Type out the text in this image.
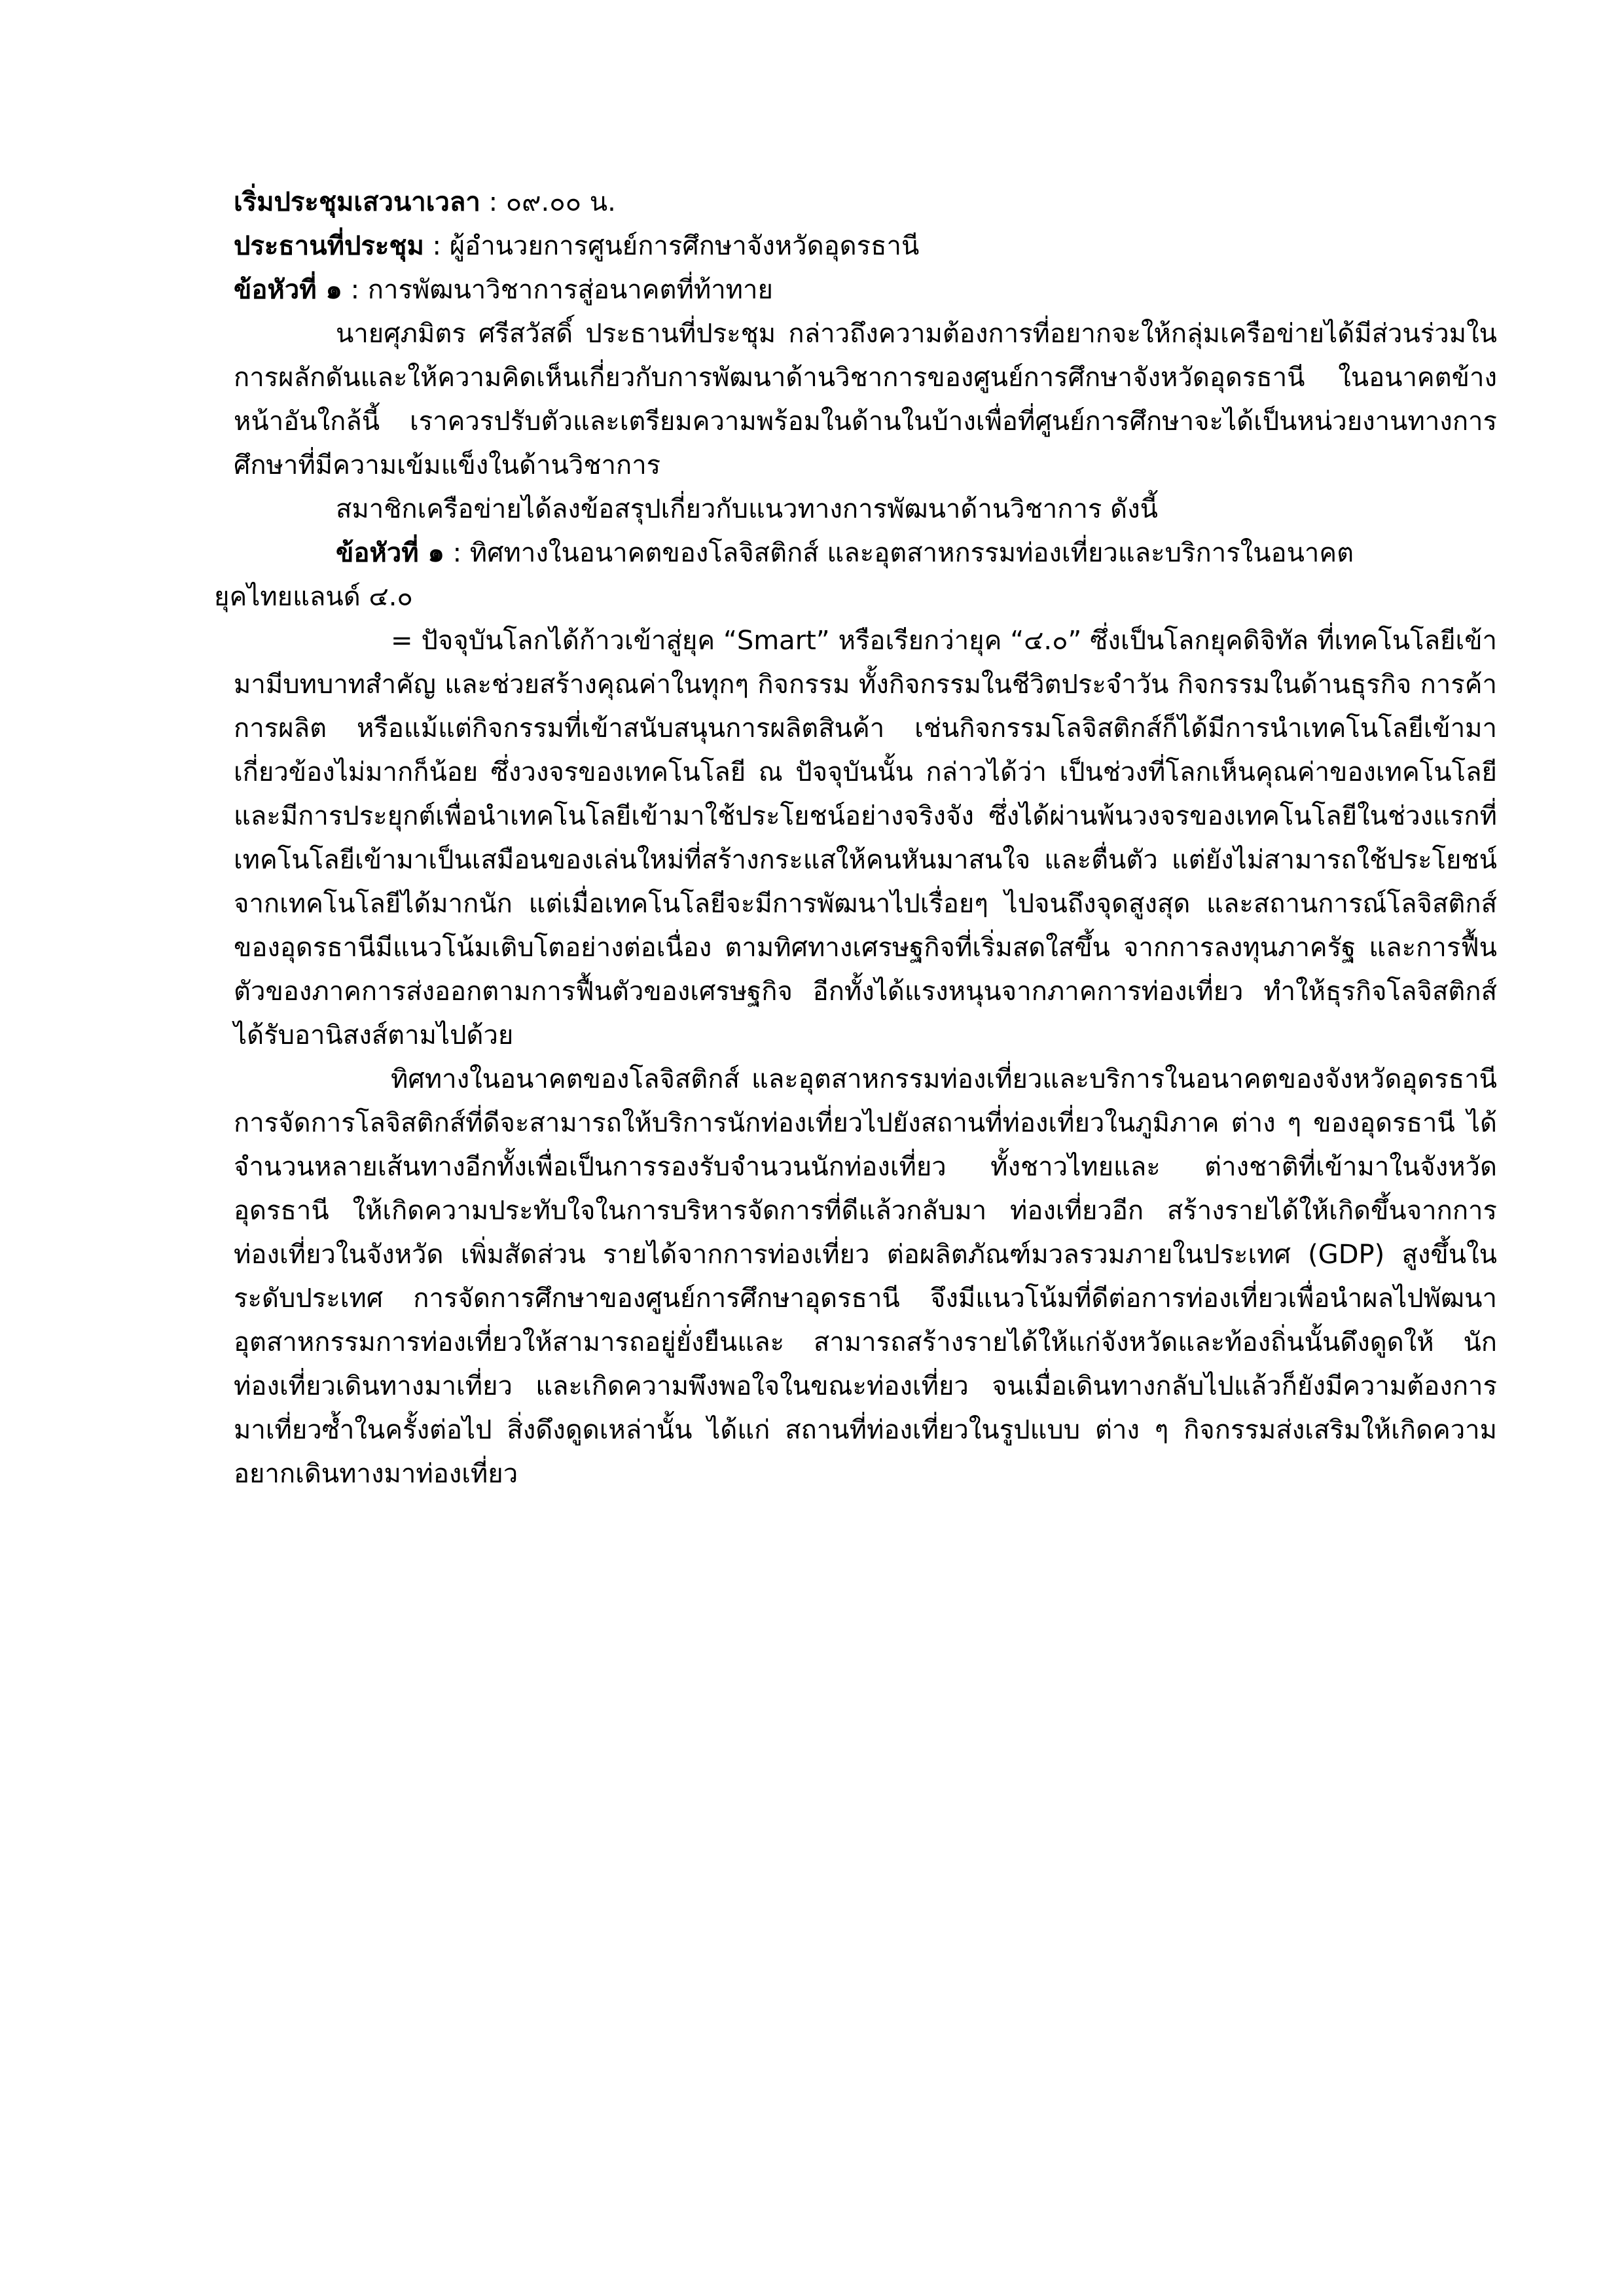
เริ่มประชุมเสวนาเวลา : ๐๙.๐๐ น.

ประธานที่ประชุม : ผู้อำนวยการศูนย์การศึกษาจังหวัดอุดรธานี

ข้อหัวที่ ๑ : การพัฒนาวิชาการสู่อนาคตที่ท้าทาย

นายศุภมิตร ศรีสวัสดิ์ ประธานที่ประชุม กล่าวถึงความต้องการที่อยากจะให้กลุ่มเครือข่ายได้มีส่วนร่วมในการผลักดันและให้ความคิดเห็นเกี่ยวกับการพัฒนาด้านวิชาการของศูนย์การศึกษาจังหวัดอุดรธานี ในอนาคตข้างหน้าอันใกล้นี้ เราควรปรับตัวและเตรียมความพร้อมในด้านในบ้างเพื่อที่ศูนย์การศึกษาจะได้เป็นหน่วยงานทางการศึกษาที่มีความเข้มแข็งในด้านวิชาการ

สมาชิกเครือข่ายได้ลงข้อสรุปเกี่ยวกับแนวทางการพัฒนาด้านวิชาการ ดังนี้

ข้อหัวที่ ๑ : ทิศทางในอนาคตของโลจิสติกส์ และอุตสาหกรรมท่องเที่ยวและบริการในอนาคต

ยุคไทยแลนด์ ๔.๐

= ปัจจุบันโลกได้ก้าวเข้าสู่ยุค “Smart” หรือเรียกว่ายุค “๔.๐” ซึ่งเป็นโลกยุคดิจิทัล ที่เทคโนโลยีเข้ามามีบทบาทสำคัญ และช่วยสร้างคุณค่าในทุกๆ กิจกรรม ทั้งกิจกรรมในชีวิตประจำวัน กิจกรรมในด้านธุรกิจ การค้า การผลิต หรือแม้แต่กิจกรรมที่เข้าสนับสนุนการผลิตสินค้า เช่นกิจกรรมโลจิสติกส์ก็ได้มีการนำเทคโนโลยีเข้ามาเกี่ยวข้องไม่มากก็น้อย ซึ่งวงจรของเทคโนโลยี ณ ปัจจุบันนั้น กล่าวได้ว่า เป็นช่วงที่โลกเห็นคุณค่าของเทคโนโลยี และมีการประยุกต์เพื่อนำเทคโนโลยีเข้ามาใช้ประโยชน์อย่างจริงจัง ซึ่งได้ผ่านพ้นวงจรของเทคโนโลยีในช่วงแรกที่เทคโนโลยีเข้ามาเป็นเสมือนของเล่นใหม่ที่สร้างกระแสให้คนหันมาสนใจ และตื่นตัว แต่ยังไม่สามารถใช้ประโยชน์จากเทคโนโลยีได้มากนัก แต่เมื่อเทคโนโลยีจะมีการพัฒนาไปเรื่อยๆ ไปจนถึงจุดสูงสุด และสถานการณ์โลจิสติกส์ของอุดรธานีมีแนวโน้มเติบโตอย่างต่อเนื่อง ตามทิศทางเศรษฐกิจที่เริ่มสดใสขึ้น จากการลงทุนภาครัฐ และการฟื้นตัวของภาคการส่งออกตามการฟื้นตัวของเศรษฐกิจ อีกทั้งได้แรงหนุนจากภาคการท่องเที่ยว ทำให้ธุรกิจโลจิสติกส์ได้รับอานิสงส์ตามไปด้วย

ทิศทางในอนาคตของโลจิสติกส์ และอุตสาหกรรมท่องเที่ยวและบริการในอนาคตของจังหวัดอุดรธานีการจัดการโลจิสติกส์ที่ดีจะสามารถให้บริการนักท่องเที่ยวไปยังสถานที่ท่องเที่ยวในภูมิภาค ต่าง ๆ ของอุดรธานี ได้ จำนวนหลายเส้นทางอีกทั้งเพื่อเป็นการรองรับจำนวนนักท่องเที่ยว ทั้งชาวไทยและ ต่างชาติที่เข้ามาในจังหวัดอุดรธานี ให้เกิดความประทับใจในการบริหารจัดการที่ดีแล้วกลับมา ท่องเที่ยวอีก สร้างรายได้ให้เกิดขึ้นจากการท่องเที่ยวในจังหวัด เพิ่มสัดส่วน รายได้จากการท่องเที่ยว ต่อผลิตภัณฑ์มวลรวมภายในประเทศ (GDP) สูงขึ้นในระดับประเทศ การจัดการศึกษาของศูนย์การศึกษาอุดรธานี จึงมีแนวโน้มที่ดีต่อการท่องเที่ยวเพื่อนำผลไปพัฒนาอุตสาหกรรมการท่องเที่ยวให้สามารถอยู่ยั่งยืนและ สามารถสร้างรายได้ให้แก่จังหวัดและท้องถิ่นนั้นดึงดูดให้ นักท่องเที่ยวเดินทางมาเที่ยว และเกิดความพึงพอใจในขณะท่องเที่ยว จนเมื่อเดินทางกลับไปแล้วก็ยังมีความต้องการมาเที่ยวซ้ำในครั้งต่อไป สิ่งดึงดูดเหล่านั้น ได้แก่ สถานที่ท่องเที่ยวในรูปแบบ ต่าง ๆ กิจกรรมส่งเสริมให้เกิดความอยากเดินทางมาท่องเที่ยว
